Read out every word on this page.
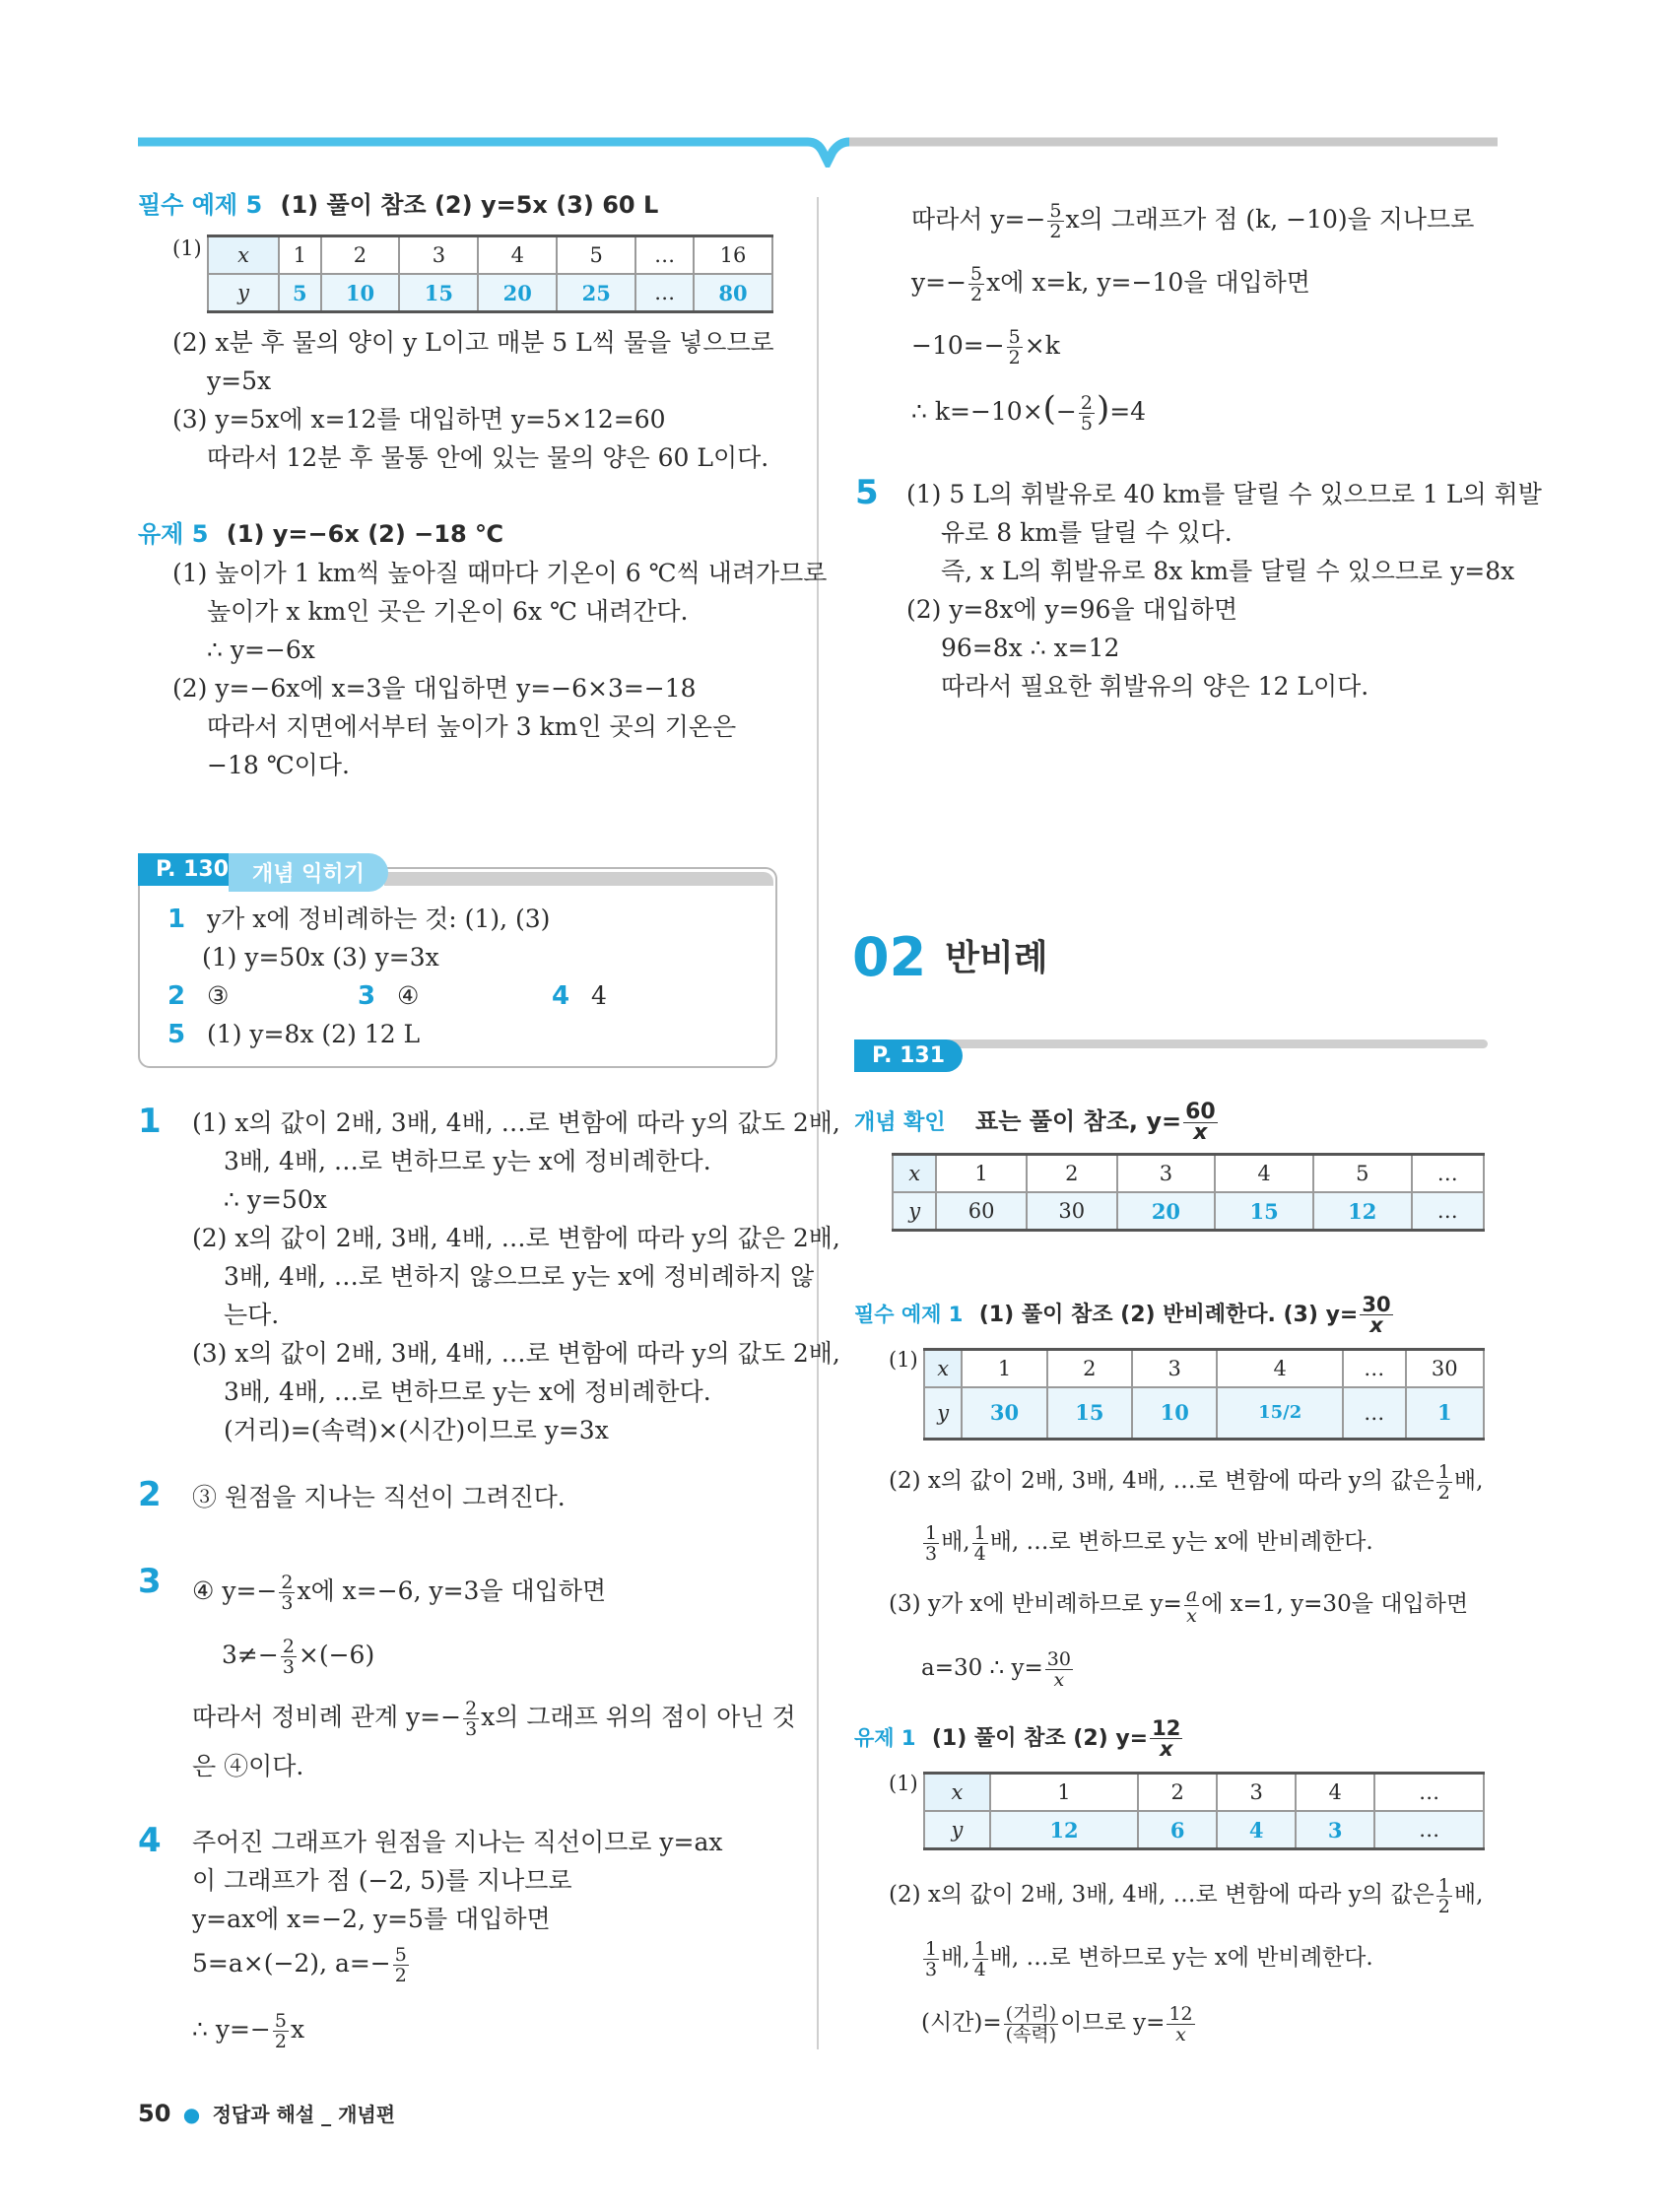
필수 예제 5 (1) 풀이 참조 (2) y=5x (3) 60 L
(1) x	1	2	3	4	5	…	16
y	5	10	15	20	25	…	80
(2) x분 후 물의 양이 y L이고 매분 5 L씩 물을 넣으므로
y=5x
(3) y=5x에 x=12를 대입하면 y=5×12=60
따라서 12분 후 물통 안에 있는 물의 양은 60 L이다.
유제 5 (1) y=−6x (2) −18 ℃
(1) 높이가 1 km씩 높아질 때마다 기온이 6 ℃씩 내려가므로
높이가 x km인 곳은 기온이 6x ℃ 내려간다.
∴ y=−6x
(2) y=−6x에 x=3을 대입하면 y=−6×3=−18
따라서 지면에서부터 높이가 3 km인 곳의 기온은
−18 ℃이다.
P. 130	개념 익히기
1 y가 x에 정비례하는 것: (1), (3)
(1) y=50x (3) y=3x
2 ③	3 ④	4 4
5 (1) y=8x (2) 12 L
1 (1) x의 값이 2배, 3배, 4배, …로 변함에 따라 y의 값도 2배,
3배, 4배, …로 변하므로 y는 x에 정비례한다.
∴ y=50x
(2) x의 값이 2배, 3배, 4배, …로 변함에 따라 y의 값은 2배,
3배, 4배, …로 변하지 않으므로 y는 x에 정비례하지 않
는다.
(3) x의 값이 2배, 3배, 4배, …로 변함에 따라 y의 값도 2배,
3배, 4배, …로 변하므로 y는 x에 정비례한다.
(거리)=(속력)×(시간)이므로 y=3x
2 ③ 원점을 지나는 직선이 그려진다.
3 ④ $y=- \frac{2}{3}$ x에 x=−6, y=3을 대입하면
$3\ne- \frac{2}{3} \times(-6)$
따라서 정비례 관계 $y=- \frac{2}{3}$ x의 그래프 위의 점이 아닌 것
은 ④이다.
4 주어진 그래프가 원점을 지나는 직선이므로 y=ax
이 그래프가 점 (−2, 5)를 지나므로
y=ax에 x=−2, y=5를 대입하면
5=a×(−2), $a=- \frac{5}{2}$
∴ $y=- \frac{5}{2}$ x
50 ● 정답과 해설 _ 개념편
따라서 $y=- \frac{5}{2}$ x의 그래프가 점 (k, −10)을 지나므로
$y=- \frac{5}{2}$ x에 x=k, y=−10을 대입하면
$-10=- \frac{5}{2} \times k$
∴ $k=-10\times(- \frac{2}{5} )=4$
5 (1) 5 L의 휘발유로 40 km를 달릴 수 있으므로 1 L의 휘발
유로 8 km를 달릴 수 있다.
즉, x L의 휘발유로 8x km를 달릴 수 있으므로 y=8x
(2) y=8x에 y=96을 대입하면
96=8x ∴ x=12
따라서 필요한 휘발유의 양은 12 L이다.
02 반비례
P. 131
개념 확인 표는 풀이 참조, $y= \frac{60}{x}$
x	1	2	3	4	5	…
y	60	30	20	15	12	…
필수 예제 1 (1) 풀이 참조 (2) 반비례한다. (3) $y= \frac{30}{x}$
(1) x	1	2	3	4	…	30
y	30	15	10	15/2	…	1
(2) x의 값이 2배, 3배, 4배, …로 변함에 따라 y의 값은 $\frac{1}{2}$ 배,
$\frac{1}{3}$ 배, $\frac{1}{4}$ 배, …로 변하므로 y는 x에 반비례한다.
(3) y가 x에 반비례하므로 $y= \frac{a}{x}$ 에 x=1, y=30을 대입하면
a=30 ∴ $y= \frac{30}{x}$
유제 1 (1) 풀이 참조 (2) $y= \frac{12}{x}$
(1) x	1	2	3	4	…
y	12	6	4	3	…
(2) x의 값이 2배, 3배, 4배, …로 변함에 따라 y의 값은 $\frac{1}{2}$ 배,
$\frac{1}{3}$ 배, $\frac{1}{4}$ 배, …로 변하므로 y는 x에 반비례한다.
(시간)= $\frac{\text{(거리)}}{\text{(속력)}}$ 이므로 $y= \frac{12}{x}$
